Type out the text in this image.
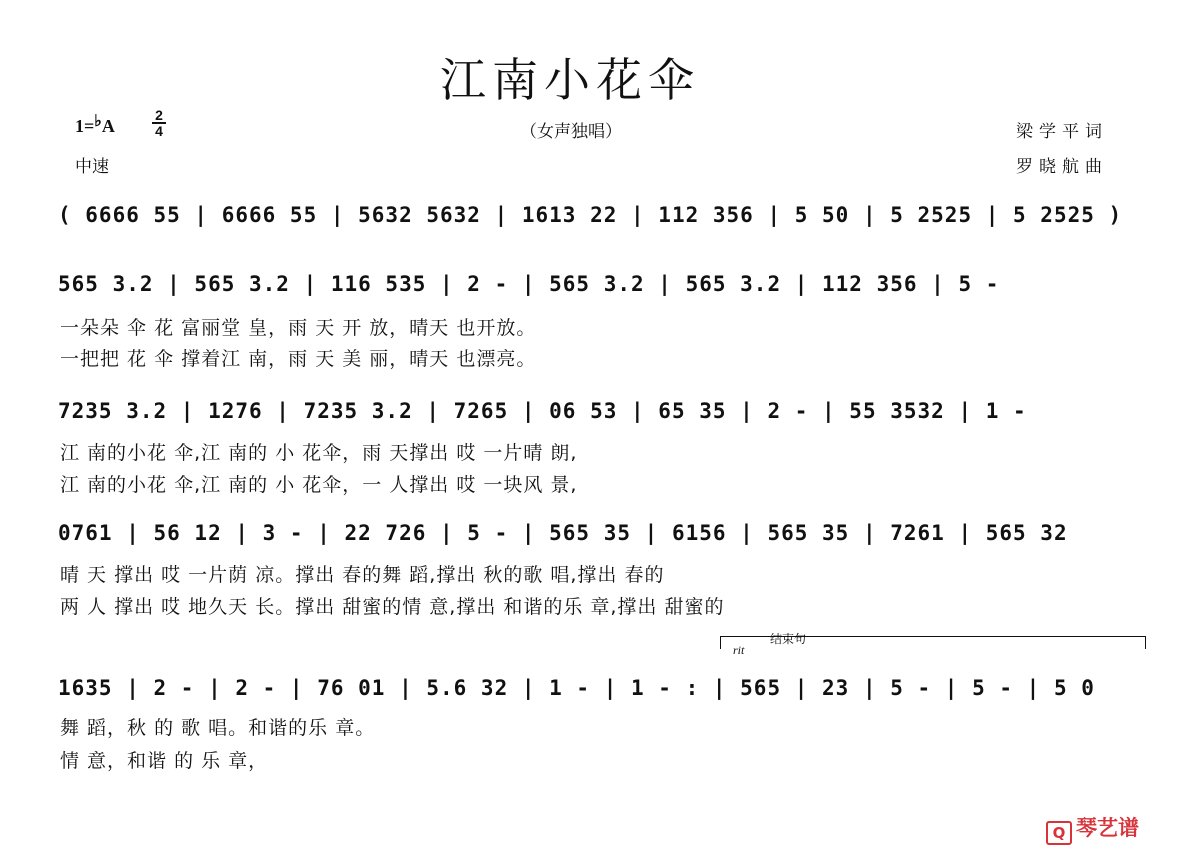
江南小花伞
1=♭A
2
4	（女声独唱）
中速
梁学平词
罗晓航曲
( 6666 55 | 6666 55 | 5632 5632 | 1613 22 | 112 356 | 5 50 | 5 2525 | 5 2525 )
565 3.2 | 565 3.2 | 116 535 | 2 - | 565 3.2 | 565 3.2 | 112 356 | 5 -
一朵朵 伞 花 富丽堂 皇，雨 天 开 放，晴天 也开放。
一把把 花 伞 撑着江 南，雨 天 美 丽，晴天 也漂亮。
7235 3.2 | 1276 | 7235 3.2 | 7265 | 06 53 | 65 35 | 2 - | 55 3532 | 1 -
江 南的小花 伞,江 南的 小 花伞，雨 天撑出 哎 一片晴 朗,
江 南的小花 伞,江 南的 小 花伞，一 人撑出 哎 一块风 景,
0761 | 56 12 | 3 - | 22 726 | 5 - | 565 35 | 6156 | 565 35 | 7261 | 565 32
晴 天 撑出 哎 一片荫 凉。撑出 春的舞 蹈,撑出 秋的歌 唱,撑出 春的
两 人 撑出 哎 地久天 长。撑出 甜蜜的情 意,撑出 和谐的乐 章,撑出 甜蜜的
结束句
rit
1635 | 2 - | 2 - | 76 01 | 5.6 32 | 1 - | 1 - : | 565 | 23 | 5 - | 5 - | 5 0
舞 蹈，秋 的 歌 唱。和谐的乐 章。
情 意，和谐 的 乐 章，
Q 琴艺谱
